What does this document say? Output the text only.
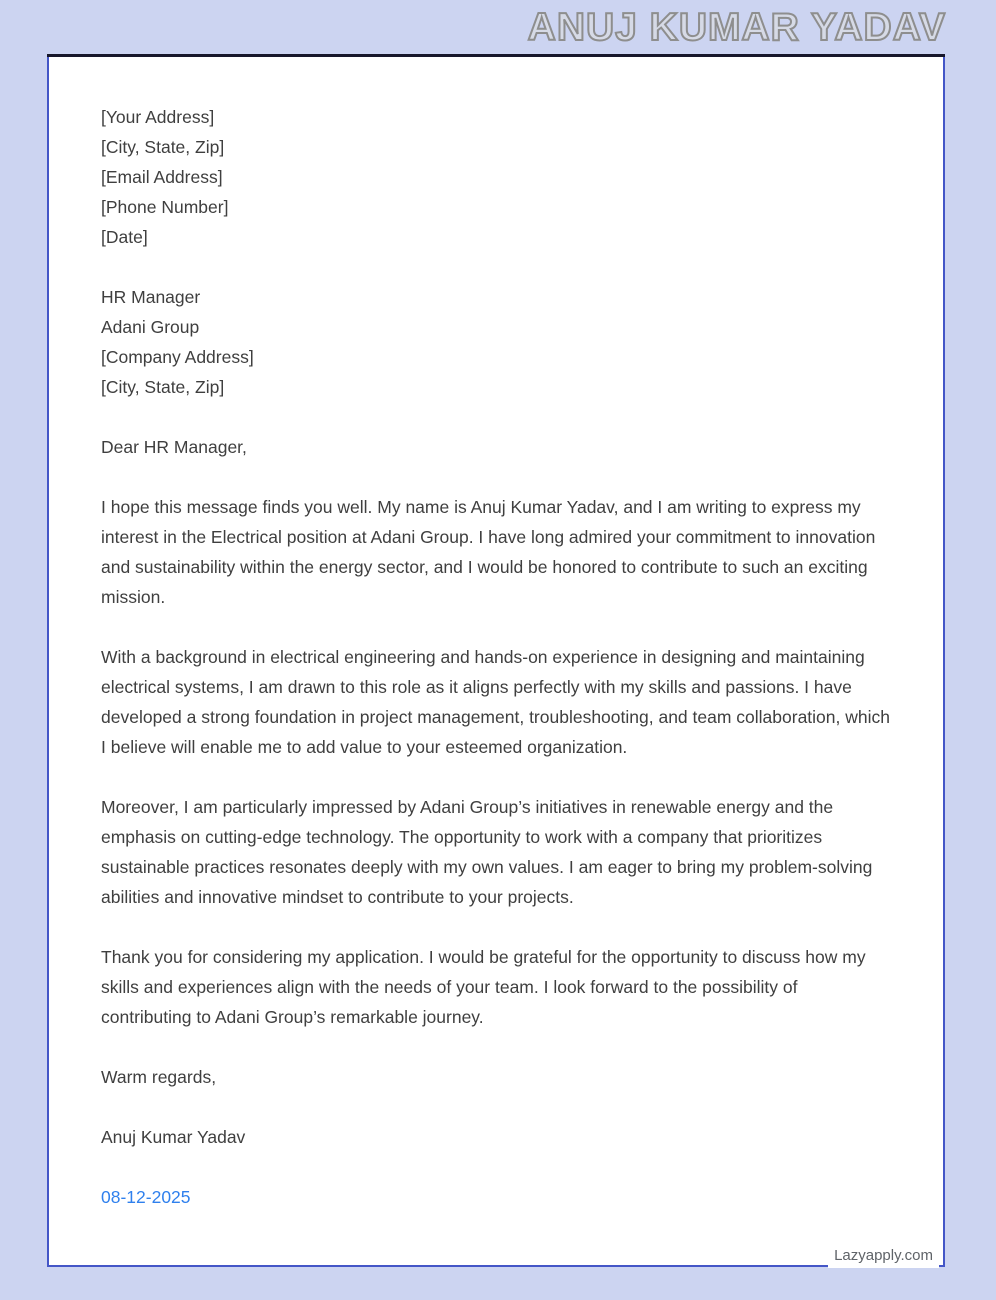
ANUJ KUMAR YADAV
[Your Address]
[City, State, Zip]
[Email Address]
[Phone Number]
[Date]
HR Manager
Adani Group
[Company Address]
[City, State, Zip]
Dear HR Manager,
I hope this message finds you well. My name is Anuj Kumar Yadav, and I am writing to express my interest in the Electrical position at Adani Group. I have long admired your commitment to innovation and sustainability within the energy sector, and I would be honored to contribute to such an exciting mission.
With a background in electrical engineering and hands-on experience in designing and maintaining electrical systems, I am drawn to this role as it aligns perfectly with my skills and passions. I have developed a strong foundation in project management, troubleshooting, and team collaboration, which I believe will enable me to add value to your esteemed organization.
Moreover, I am particularly impressed by Adani Group’s initiatives in renewable energy and the emphasis on cutting-edge technology. The opportunity to work with a company that prioritizes sustainable practices resonates deeply with my own values. I am eager to bring my problem-solving abilities and innovative mindset to contribute to your projects.
Thank you for considering my application. I would be grateful for the opportunity to discuss how my skills and experiences align with the needs of your team. I look forward to the possibility of contributing to Adani Group’s remarkable journey.
Warm regards,
Anuj Kumar Yadav
08-12-2025
Lazyapply.com
